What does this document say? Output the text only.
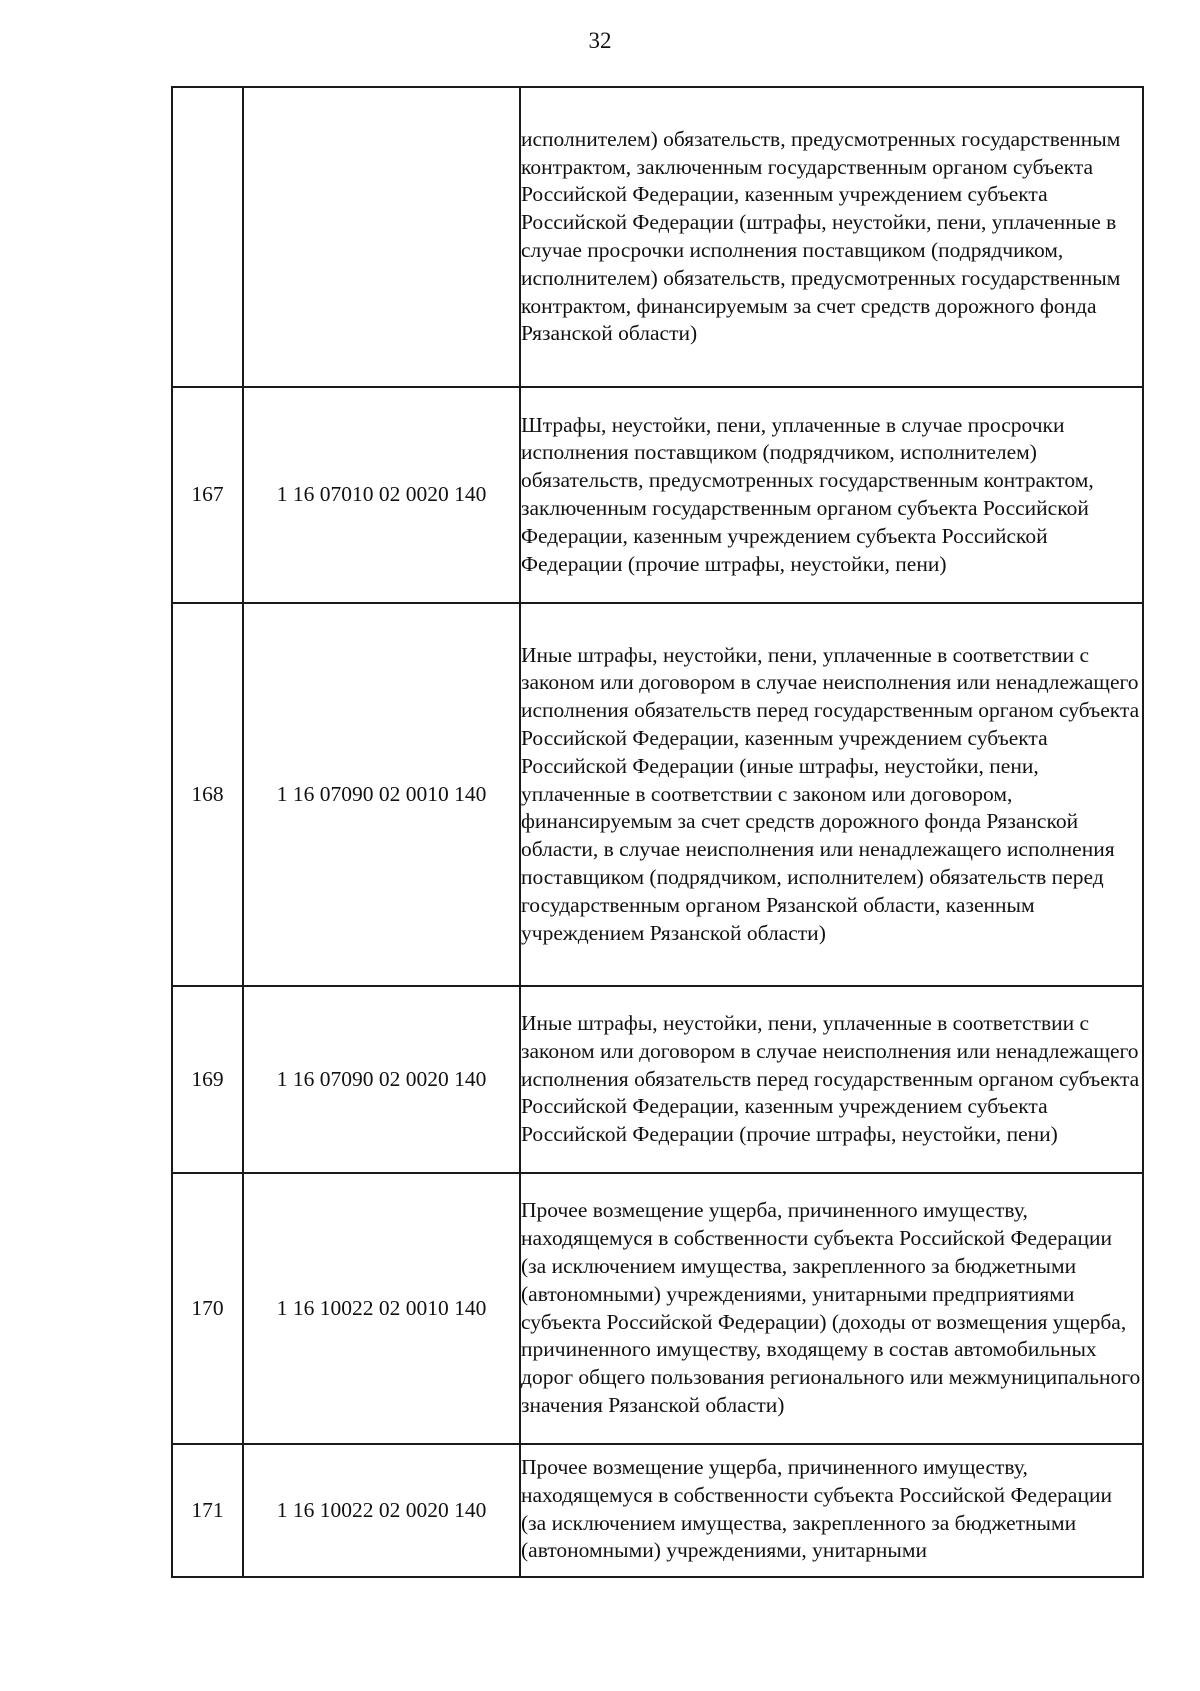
32
		исполнителем) обязательств, предусмотренных государственным контрактом, заключенным государственным органом субъекта Российской Федерации, казенным учреждением субъекта Российской Федерации (штрафы, неустойки, пени, уплаченные в случае просрочки исполнения поставщиком (подрядчиком, исполнителем) обязательств, предусмотренных государственным контрактом, финансируемым за счет средств дорожного фонда Рязанской области)
167	1 16 07010 02 0020 140	Штрафы, неустойки, пени, уплаченные в случае просрочки исполнения поставщиком (подрядчиком, исполнителем) обязательств, предусмотренных государственным контрактом, заключенным государственным органом субъекта Российской Федерации, казенным учреждением субъекта Российской Федерации (прочие штрафы, неустойки, пени)
168	1 16 07090 02 0010 140	Иные штрафы, неустойки, пени, уплаченные в соответствии с законом или договором в случае неисполнения или ненадлежащего исполнения обязательств перед государственным органом субъекта Российской Федерации, казенным учреждением субъекта Российской Федерации (иные штрафы, неустойки, пени, уплаченные в соответствии с законом или договором, финансируемым за счет средств дорожного фонда Рязанской области, в случае неисполнения или ненадлежащего исполнения поставщиком (подрядчиком, исполнителем) обязательств перед государственным органом Рязанской области, казенным учреждением Рязанской области)
169	1 16 07090 02 0020 140	Иные штрафы, неустойки, пени, уплаченные в соответствии с законом или договором в случае неисполнения или ненадлежащего исполнения обязательств перед государственным органом субъекта Российской Федерации, казенным учреждением субъекта Российской Федерации (прочие штрафы, неустойки, пени)
170	1 16 10022 02 0010 140	Прочее возмещение ущерба, причиненного имуществу, находящемуся в собственности субъекта Российской Федерации (за исключением имущества, закрепленного за бюджетными (автономными) учреждениями, унитарными предприятиями субъекта Российской Федерации) (доходы от возмещения ущерба, причиненного имуществу, входящему в состав автомобильных дорог общего пользования регионального или межмуниципального значения Рязанской области)
171	1 16 10022 02 0020 140	Прочее возмещение ущерба, причиненного имуществу, находящемуся в собственности субъекта Российской Федерации (за исключением имущества, закрепленного за бюджетными (автономными) учреждениями, унитарными
